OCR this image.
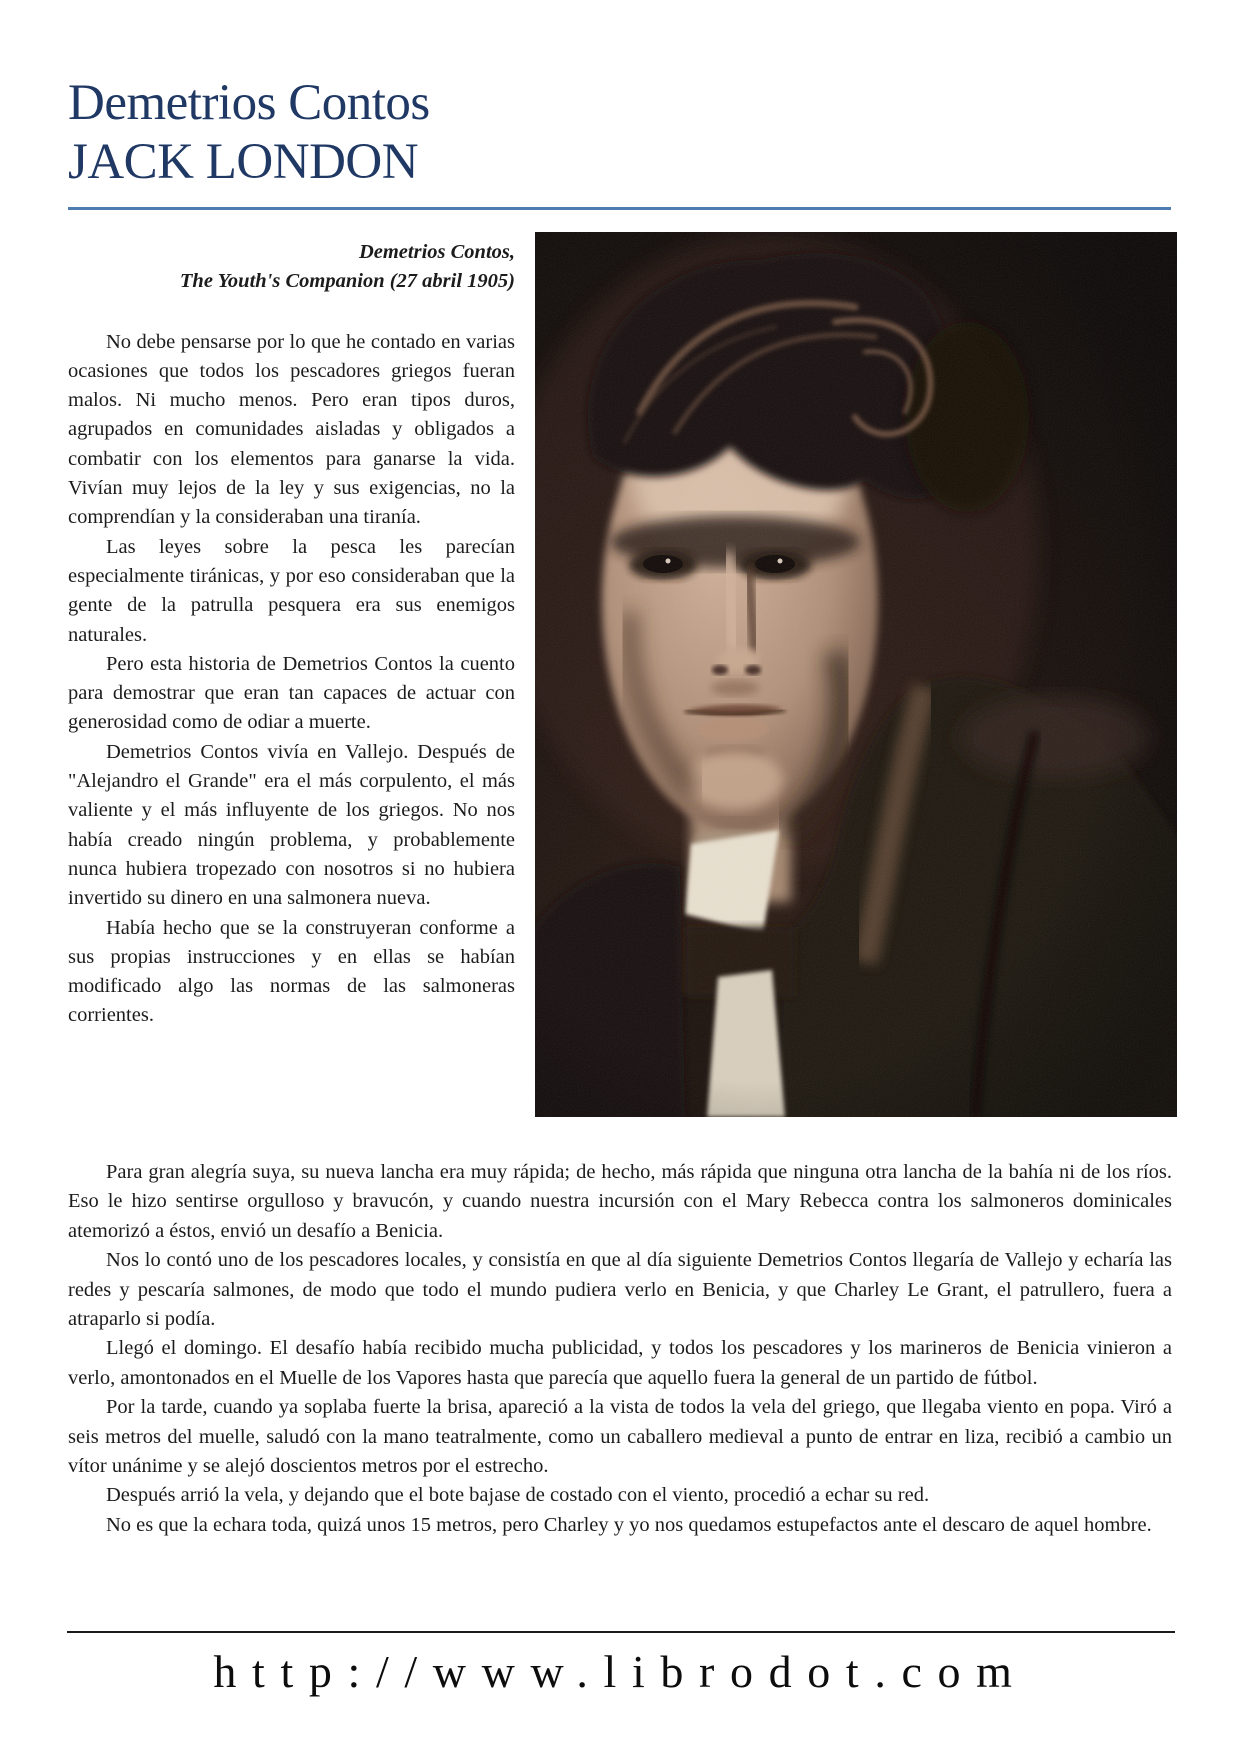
Demetrios Contos
JACK LONDON
Demetrios Contos,
The Youth's Companion (27 abril 1905)

No debe pensarse por lo que he contado en varias ocasiones que todos los pescadores griegos fueran malos. Ni mucho menos. Pero eran tipos duros, agrupados en comunidades aisladas y obligados a combatir con los elementos para ganarse la vida. Vivían muy lejos de la ley y sus exigencias, no la comprendían y la consideraban una tiranía.

Las leyes sobre la pesca les parecían especialmente tiránicas, y por eso consideraban que la gente de la patrulla pesquera era sus enemigos naturales.

Pero esta historia de Demetrios Contos la cuento para demostrar que eran tan capaces de actuar con generosidad como de odiar a muerte.

Demetrios Contos vivía en Vallejo. Después de "Alejandro el Grande" era el más corpulento, el más valiente y el más influyente de los griegos. No nos había creado ningún problema, y probablemente nunca hubiera tropezado con nosotros si no hubiera invertido su dinero en una salmonera nueva.

Había hecho que se la construyeran conforme a sus propias instrucciones y en ellas se habían modificado algo las normas de las salmoneras corrientes.

Para gran alegría suya, su nueva lancha era muy rápida; de hecho, más rápida que ninguna otra lancha de la bahía ni de los ríos. Eso le hizo sentirse orgulloso y bravucón, y cuando nuestra incursión con el Mary Rebecca contra los salmoneros dominicales atemorizó a éstos, envió un desafío a Benicia.

Nos lo contó uno de los pescadores locales, y consistía en que al día siguiente Demetrios Contos llegaría de Vallejo y echaría las redes y pescaría salmones, de modo que todo el mundo pudiera verlo en Benicia, y que Charley Le Grant, el patrullero, fuera a atraparlo si podía.

Llegó el domingo. El desafío había recibido mucha publicidad, y todos los pescadores y los marineros de Benicia vinieron a verlo, amontonados en el Muelle de los Vapores hasta que parecía que aquello fuera la general de un partido de fútbol.

Por la tarde, cuando ya soplaba fuerte la brisa, apareció a la vista de todos la vela del griego, que llegaba viento en popa. Viró a seis metros del muelle, saludó con la mano teatralmente, como un caballero medieval a punto de entrar en liza, recibió a cambio un vítor unánime y se alejó doscientos metros por el estrecho.

Después arrió la vela, y dejando que el bote bajase de costado con el viento, procedió a echar su red.

No es que la echara toda, quizá unos 15 metros, pero Charley y yo nos quedamos estupefactos ante el descaro de aquel hombre.

http://www.librodot.com
